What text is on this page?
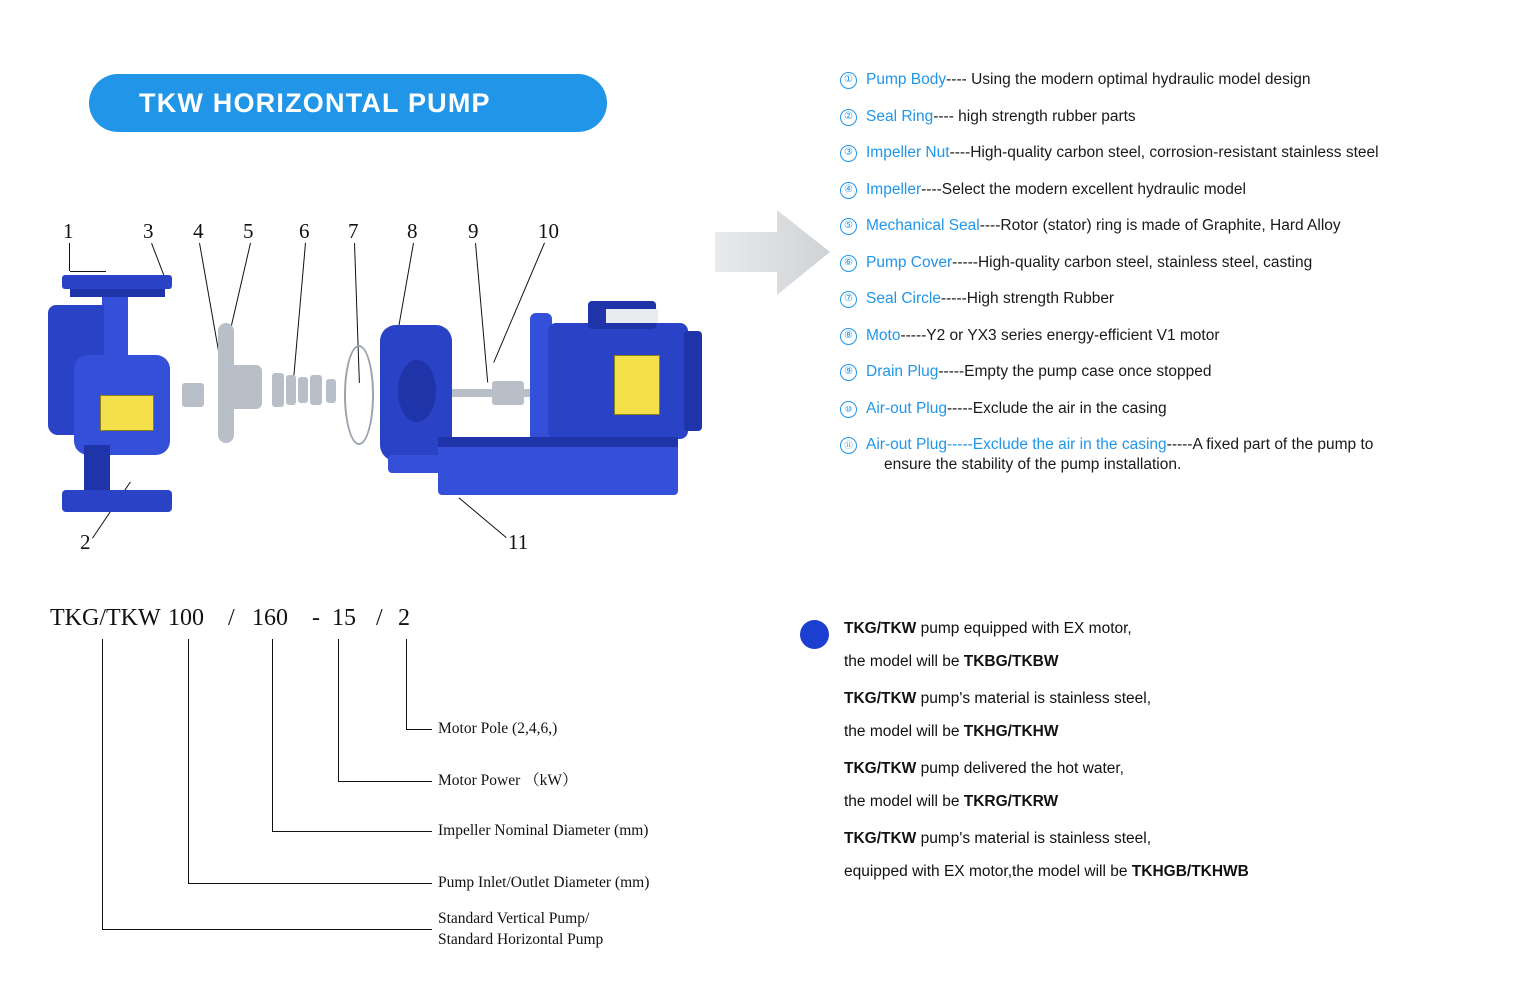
TKW HORIZONTAL PUMP
1	3 4 5 6 7 8 9	10
2	11
① Pump Body---- Using the modern optimal hydraulic model design
② Seal Ring---- high strength rubber parts
③ Impeller Nut----High-quality carbon steel, corrosion-resistant stainless steel
④ Impeller----Select the modern excellent hydraulic model
⑤ Mechanical Seal----Rotor (stator) ring is made of Graphite, Hard Alloy
⑥ Pump Cover-----High-quality carbon steel, stainless steel, casting
⑦ Seal Circle-----High strength Rubber
⑧ Moto-----Y2 or YX3 series energy-efficient V1 motor
⑨ Drain Plug-----Empty the pump case once stopped
⑩ Air-out Plug-----Exclude the air in the casing
⑪ Air-out Plug-----Exclude the air in the casing-----A fixed part of the pump to
ensure the stability of the pump installation.
TKG/TKW 100 / 160 - 15 / 2
Motor Pole (2,4,6,)
Motor Power （kW）
Impeller Nominal Diameter (mm)
Pump Inlet/Outlet Diameter (mm)
Standard Vertical Pump/
Standard Horizontal Pump
TKG/TKW pump equipped with EX motor,
the model will be TKBG/TKBW
TKG/TKW pump's material is stainless steel,
the model will be TKHG/TKHW
TKG/TKW pump delivered the hot water,
the model will be TKRG/TKRW
TKG/TKW pump's material is stainless steel,
equipped with EX motor,the model will be TKHGB/TKHWB
